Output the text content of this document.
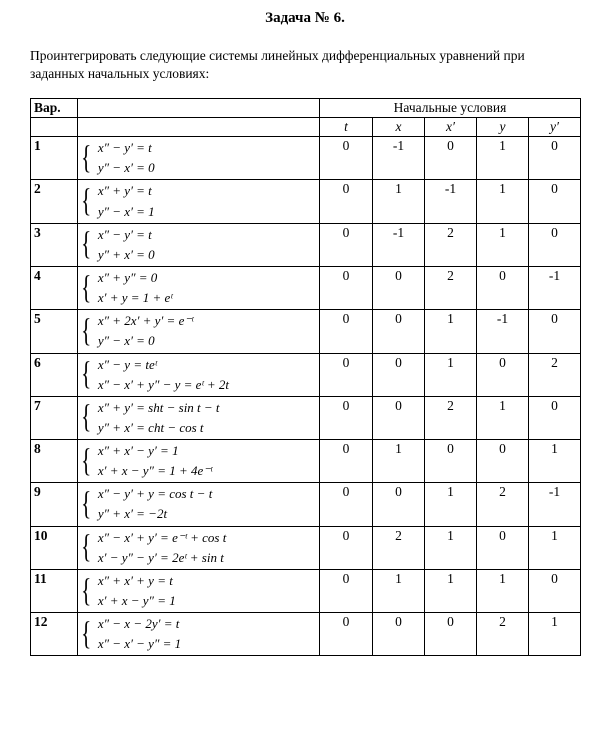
Задача № 6.

Проинтегрировать следующие системы линейных дифференциальных уравнений при заданных начальных условиях:

Вар.		Начальные условия				
		t	x	x′	y	y′
1	{ x″ − y′ = t
y″ − x′ = 0	0	-1	0	1	0
2	{ x″ + y′ = t
y″ − x′ = 1	0	1	-1	1	0
3	{ x″ − y′ = t
y″ + x′ = 0	0	-1	2	1	0
4	{ x″ + y″ = 0
x′ + y = 1 + eᵗ	0	0	2	0	-1
5	{ x″ + 2x′ + y′ = e⁻ᵗ
y″ − x′ = 0	0	0	1	-1	0
6	{ x″ − y = teᵗ
x″ − x′ + y″ − y = eᵗ + 2t	0	0	1	0	2
7	{ x″ + y′ = sht − sin t − t
y″ + x′ = cht − cos t	0	0	2	1	0
8	{ x″ + x′ − y′ = 1
x′ + x − y″ = 1 + 4e⁻ᵗ	0	1	0	0	1
9	{ x″ − y′ + y = cos t − t
y″ + x′ = −2t	0	0	1	2	-1
10	{ x″ − x′ + y′ = e⁻ᵗ + cos t
x′ − y″ − y′ = 2eᵗ + sin t	0	2	1	0	1
11	{ x″ + x′ + y = t
x′ + x − y″ = 1	0	1	1	1	0
12	{ x″ − x − 2y′ = t
x″ − x′ − y″ = 1	0	0	0	2	1
